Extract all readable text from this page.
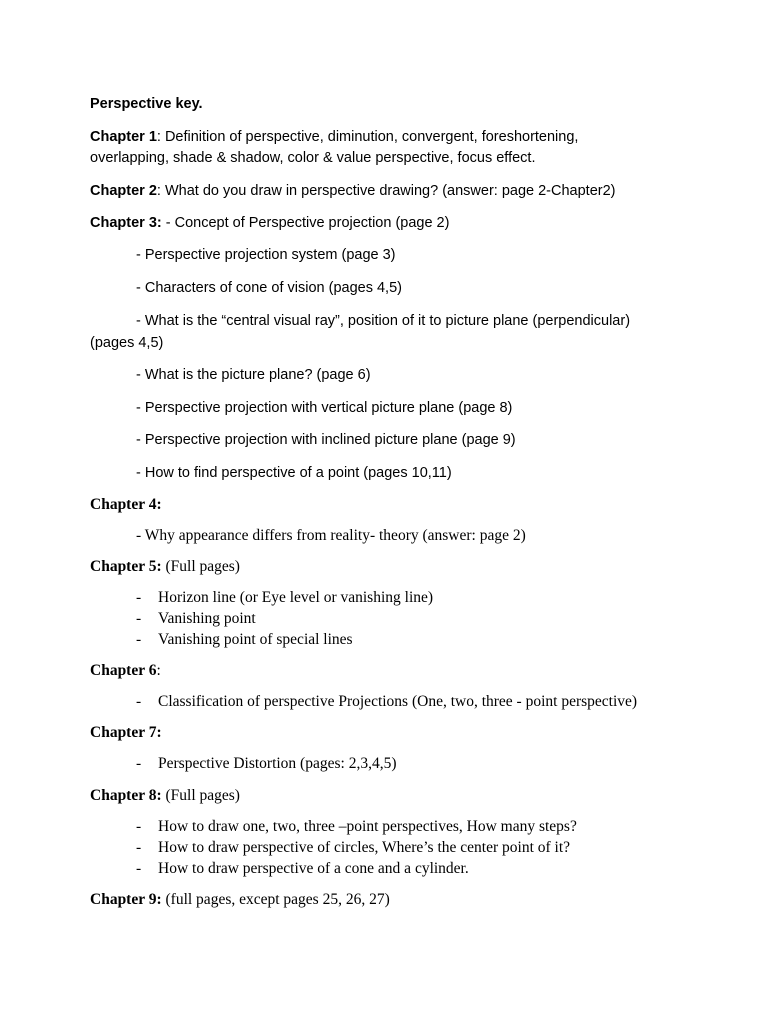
Perspective key.
Chapter 1: Definition of perspective, diminution, convergent, foreshortening,
overlapping, shade & shadow, color & value perspective, focus effect.
Chapter 2: What do you draw in perspective drawing? (answer: page 2-Chapter2)
Chapter 3: - Concept of Perspective projection (page 2)
- Perspective projection system (page 3)
- Characters of cone of vision (pages 4,5)
- What is the “central visual ray”, position of it to picture plane (perpendicular)
(pages 4,5)
- What is the picture plane? (page 6)
- Perspective projection with vertical picture plane (page 8)
- Perspective projection with inclined picture plane (page 9)
- How to find perspective of a point (pages 10,11)
Chapter 4:
- Why appearance differs from reality- theory (answer: page 2)
Chapter 5: (Full pages)
- Horizon line (or Eye level or vanishing line)
- Vanishing point
- Vanishing point of special lines
Chapter 6:
- Classification of perspective Projections (One, two, three - point perspective)
Chapter 7:
- Perspective Distortion (pages: 2,3,4,5)
Chapter 8: (Full pages)
- How to draw one, two, three –point perspectives, How many steps?
- How to draw perspective of circles, Where’s the center point of it?
- How to draw perspective of a cone and a cylinder.
Chapter 9: (full pages, except pages 25, 26, 27)
